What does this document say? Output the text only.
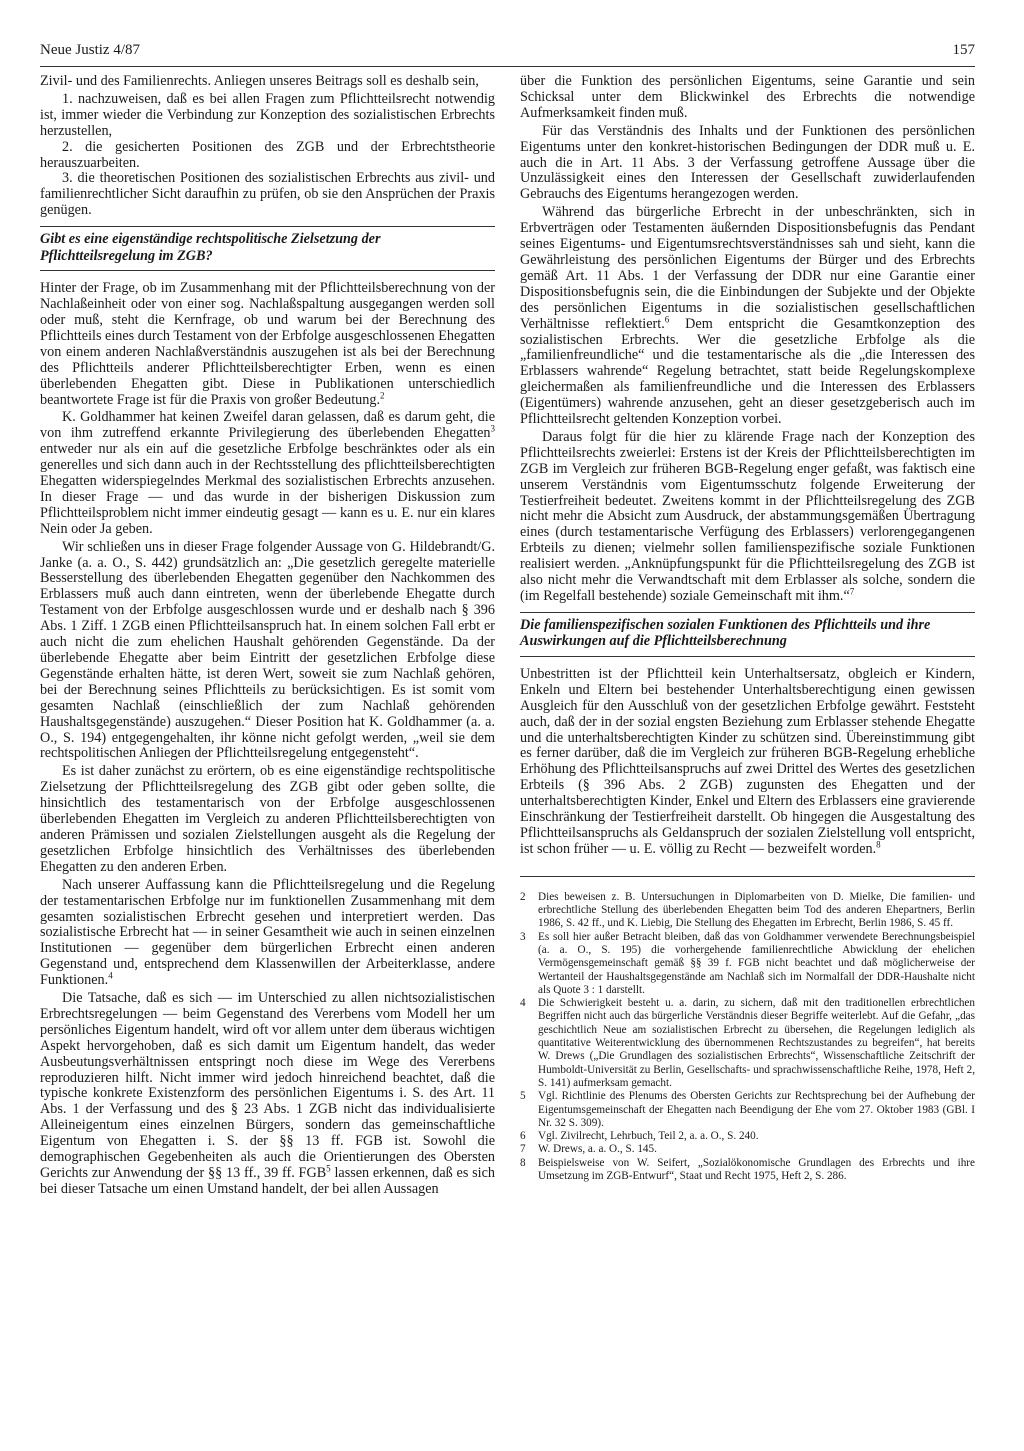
Neue Justiz 4/87	157

Zivil- und des Familienrechts. Anliegen unseres Beitrags soll es deshalb sein,

1. nachzuweisen, daß es bei allen Fragen zum Pflichtteilsrecht notwendig ist, immer wieder die Verbindung zur Konzeption des sozialistischen Erbrechts herzustellen,

2. die gesicherten Positionen des ZGB und der Erbrechtstheorie herauszuarbeiten.

3. die theoretischen Positionen des sozialistischen Erbrechts aus zivil- und familienrechtlicher Sicht daraufhin zu prüfen, ob sie den Ansprüchen der Praxis genügen.

Gibt es eine eigenständige rechtspolitische Zielsetzung der Pflichtteilsregelung im ZGB?

Hinter der Frage, ob im Zusammenhang mit der Pflichtteilsberechnung von der Nachlaßeinheit oder von einer sog. Nachlaßspaltung ausgegangen werden soll oder muß, steht die Kernfrage, ob und warum bei der Berechnung des Pflichtteils eines durch Testament von der Erbfolge ausgeschlossenen Ehegatten von einem anderen Nachlaßverständnis auszugehen ist als bei der Berechnung des Pflichtteils anderer Pflichtteilsberechtigter Erben, wenn es einen überlebenden Ehegatten gibt. Diese in Publikationen unterschiedlich beantwortete Frage ist für die Praxis von großer Bedeutung.$^2$

K. Goldhammer hat keinen Zweifel daran gelassen, daß es darum geht, die von ihm zutreffend erkannte Privilegierung des überlebenden Ehegatten$^3$ entweder nur als ein auf die gesetzliche Erbfolge beschränktes oder als ein generelles und sich dann auch in der Rechtsstellung des pflichtteilsberechtigten Ehegatten widerspiegelndes Merkmal des sozialistischen Erbrechts anzusehen. In dieser Frage — und das wurde in der bisherigen Diskussion zum Pflichtteilsproblem nicht immer eindeutig gesagt — kann es u. E. nur ein klares Nein oder Ja geben.

Wir schließen uns in dieser Frage folgender Aussage von G. Hildebrandt/G. Janke (a. a. O., S. 442) grundsätzlich an: „Die gesetzlich geregelte materielle Besserstellung des überlebenden Ehegatten gegenüber den Nachkommen des Erblassers muß auch dann eintreten, wenn der überlebende Ehegatte durch Testament von der Erbfolge ausgeschlossen wurde und er deshalb nach § 396 Abs. 1 Ziff. 1 ZGB einen Pflichtteilsanspruch hat. In einem solchen Fall erbt er auch nicht die zum ehelichen Haushalt gehörenden Gegenstände. Da der überlebende Ehegatte aber beim Eintritt der gesetzlichen Erbfolge diese Gegenstände erhalten hätte, ist deren Wert, soweit sie zum Nachlaß gehören, bei der Berechnung seines Pflichtteils zu berücksichtigen. Es ist somit vom gesamten Nachlaß (einschließlich der zum Nachlaß gehörenden Haushaltsgegenstände) auszugehen.“ Dieser Position hat K. Goldhammer (a. a. O., S. 194) entgegengehalten, ihr könne nicht gefolgt werden, „weil sie dem rechtspolitischen Anliegen der Pflichtteilsregelung entgegensteht“.

Es ist daher zunächst zu erörtern, ob es eine eigenständige rechtspolitische Zielsetzung der Pflichtteilsregelung des ZGB gibt oder geben sollte, die hinsichtlich des testamentarisch von der Erbfolge ausgeschlossenen überlebenden Ehegatten im Vergleich zu anderen Pflichtteilsberechtigten von anderen Prämissen und sozialen Zielstellungen ausgeht als die Regelung der gesetzlichen Erbfolge hinsichtlich des Verhältnisses des überlebenden Ehegatten zu den anderen Erben.

Nach unserer Auffassung kann die Pflichtteilsregelung und die Regelung der testamentarischen Erbfolge nur im funktionellen Zusammenhang mit dem gesamten sozialistischen Erbrecht gesehen und interpretiert werden. Das sozialistische Erbrecht hat — in seiner Gesamtheit wie auch in seinen einzelnen Institutionen — gegenüber dem bürgerlichen Erbrecht einen anderen Gegenstand und, entsprechend dem Klassenwillen der Arbeiterklasse, andere Funktionen.$^4$

Die Tatsache, daß es sich — im Unterschied zu allen nichtsozialistischen Erbrechtsregelungen — beim Gegenstand des Vererbens vom Modell her um persönliches Eigentum handelt, wird oft vor allem unter dem überaus wichtigen Aspekt hervorgehoben, daß es sich damit um Eigentum handelt, das weder Ausbeutungsverhältnissen entspringt noch diese im Wege des Vererbens reproduzieren hilft. Nicht immer wird jedoch hinreichend beachtet, daß die typische konkrete Existenzform des persönlichen Eigentums i. S. des Art. 11 Abs. 1 der Verfassung und des § 23 Abs. 1 ZGB nicht das individualisierte Alleineigentum eines einzelnen Bürgers, sondern das gemeinschaftliche Eigentum von Ehegatten i. S. der §§ 13 ff. FGB ist. Sowohl die demographischen Gegebenheiten als auch die Orientierungen des Obersten Gerichts zur Anwendung der §§ 13 ff., 39 ff. FGB$^5$ lassen erkennen, daß es sich bei dieser Tatsache um einen Umstand handelt, der bei allen Aussagen

über die Funktion des persönlichen Eigentums, seine Garantie und sein Schicksal unter dem Blickwinkel des Erbrechts die notwendige Aufmerksamkeit finden muß.

Für das Verständnis des Inhalts und der Funktionen des persönlichen Eigentums unter den konkret-historischen Bedingungen der DDR muß u. E. auch die in Art. 11 Abs. 3 der Verfassung getroffene Aussage über die Unzulässigkeit eines den Interessen der Gesellschaft zuwiderlaufenden Gebrauchs des Eigentums herangezogen werden.

Während das bürgerliche Erbrecht in der unbeschränkten, sich in Erbverträgen oder Testamenten äußernden Dispositionsbefugnis das Pendant seines Eigentums- und Eigentumsrechtsverständnisses sah und sieht, kann die Gewährleistung des persönlichen Eigentums der Bürger und des Erbrechts gemäß Art. 11 Abs. 1 der Verfassung der DDR nur eine Garantie einer Dispositionsbefugnis sein, die die Einbindungen der Subjekte und der Objekte des persönlichen Eigentums in die sozialistischen gesellschaftlichen Verhältnisse reflektiert.$^6$ Dem entspricht die Gesamtkonzeption des sozialistischen Erbrechts. Wer die gesetzliche Erbfolge als die „familienfreundliche“ und die testamentarische als die „die Interessen des Erblassers wahrende“ Regelung betrachtet, statt beide Regelungskomplexe gleichermaßen als familienfreundliche und die Interessen des Erblassers (Eigentümers) wahrende anzusehen, geht an dieser gesetzgeberisch auch im Pflichtteilsrecht geltenden Konzeption vorbei.

Daraus folgt für die hier zu klärende Frage nach der Konzeption des Pflichtteilsrechts zweierlei: Erstens ist der Kreis der Pflichtteilsberechtigten im ZGB im Vergleich zur früheren BGB-Regelung enger gefaßt, was faktisch eine unserem Verständnis vom Eigentumsschutz folgende Erweiterung der Testierfreiheit bedeutet. Zweitens kommt in der Pflichtteilsregelung des ZGB nicht mehr die Absicht zum Ausdruck, der abstammungsgemäßen Übertragung eines (durch testamentarische Verfügung des Erblassers) verlorengegangenen Erbteils zu dienen; vielmehr sollen familienspezifische soziale Funktionen realisiert werden. „Anknüpfungspunkt für die Pflichtteilsregelung des ZGB ist also nicht mehr die Verwandtschaft mit dem Erblasser als solche, sondern die (im Regelfall bestehende) soziale Gemeinschaft mit ihm.“$^7$

Die familienspezifischen sozialen Funktionen des Pflichtteils und ihre Auswirkungen auf die Pflichtteilsberechnung

Unbestritten ist der Pflichtteil kein Unterhaltsersatz, obgleich er Kindern, Enkeln und Eltern bei bestehender Unterhaltsberechtigung einen gewissen Ausgleich für den Ausschluß von der gesetzlichen Erbfolge gewährt. Feststeht auch, daß der in der sozial engsten Beziehung zum Erblasser stehende Ehegatte und die unterhaltsberechtigten Kinder zu schützen sind. Übereinstimmung gibt es ferner darüber, daß die im Vergleich zur früheren BGB-Regelung erhebliche Erhöhung des Pflichtteilsanspruchs auf zwei Drittel des Wertes des gesetzlichen Erbteils (§ 396 Abs. 2 ZGB) zugunsten des Ehegatten und der unterhaltsberechtigten Kinder, Enkel und Eltern des Erblassers eine gravierende Einschränkung der Testierfreiheit darstellt. Ob hingegen die Ausgestaltung des Pflichtteilsanspruchs als Geldanspruch der sozialen Zielstellung voll entspricht, ist schon früher — u. E. völlig zu Recht — bezweifelt worden.$^8$

2	Dies beweisen z. B. Untersuchungen in Diplomarbeiten von D. Mielke, Die familien- und erbrechtliche Stellung des überlebenden Ehegatten beim Tod des anderen Ehepartners, Berlin 1986, S. 42 ff., und K. Liebig, Die Stellung des Ehegatten im Erbrecht, Berlin 1986, S. 45 ff.
3	Es soll hier außer Betracht bleiben, daß das von Goldhammer verwendete Berechnungsbeispiel (a. a. O., S. 195) die vorhergehende familienrechtliche Abwicklung der ehelichen Vermögensgemeinschaft gemäß §§ 39 f. FGB nicht beachtet und daß möglicherweise der Wertanteil der Haushaltsgegenstände am Nachlaß sich im Normalfall der DDR-Haushalte nicht als Quote 3 : 1 darstellt.
4	Die Schwierigkeit besteht u. a. darin, zu sichern, daß mit den traditionellen erbrechtlichen Begriffen nicht auch das bürgerliche Verständnis dieser Begriffe weiterlebt. Auf die Gefahr, „das geschichtlich Neue am sozialistischen Erbrecht zu übersehen, die Regelungen lediglich als quantitative Weiterentwicklung des übernommenen Rechtszustandes zu begreifen“, hat bereits W. Drews („Die Grundlagen des sozialistischen Erbrechts“, Wissenschaftliche Zeitschrift der Humboldt-Universität zu Berlin, Gesellschafts- und sprachwissenschaftliche Reihe, 1978, Heft 2, S. 141) aufmerksam gemacht.
5	Vgl. Richtlinie des Plenums des Obersten Gerichts zur Rechtsprechung bei der Aufhebung der Eigentumsgemeinschaft der Ehegatten nach Beendigung der Ehe vom 27. Oktober 1983 (GBl. I Nr. 32 S. 309).
6	Vgl. Zivilrecht, Lehrbuch, Teil 2, a. a. O., S. 240.
7	W. Drews, a. a. O., S. 145.
8	Beispielsweise von W. Seifert, „Sozialökonomische Grundlagen des Erbrechts und ihre Umsetzung im ZGB-Entwurf“, Staat und Recht 1975, Heft 2, S. 286.
